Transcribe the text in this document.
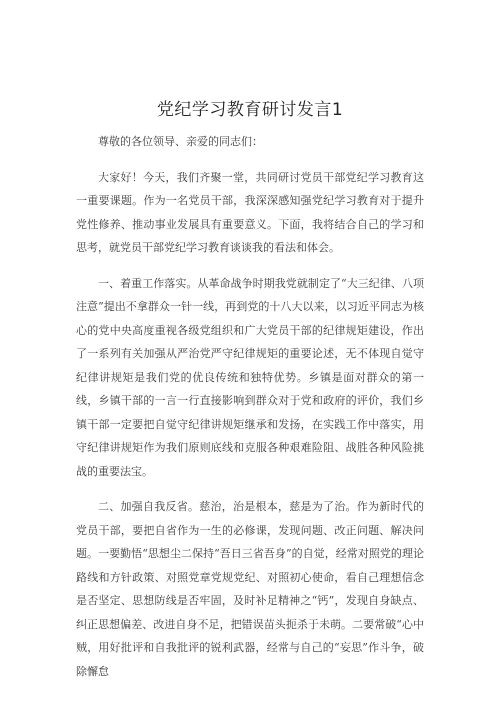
党纪学习教育研讨发言1

尊敬的各位领导、亲爱的同志们：

大家好！今天，我们齐聚一堂，共同研讨党员干部党纪学习教育这一重要课题。作为一名党员干部，我深深感知强党纪学习教育对于提升党性修养、推动事业发展具有重要意义。下面，我将结合自己的学习和思考，就党员干部党纪学习教育谈谈我的看法和体会。

一、着重工作落实。从革命战争时期我党就制定了“大三纪律、八项注意”提出不拿群众一针一线，再到党的十八大以来，以习近平同志为核心的党中央高度重视各级党组织和广大党员干部的纪律规矩建设，作出了一系列有关加强从严治党严守纪律规矩的重要论述，无不体现自觉守纪律讲规矩是我们党的优良传统和独特优势。乡镇是面对群众的第一线，乡镇干部的一言一行直接影响到群众对于党和政府的评价，我们乡镇干部一定要把自觉守纪律讲规矩继承和发扬，在实践工作中落实，用守纪律讲规矩作为我们原则底线和克服各种艰难险阻、战胜各种风险挑战的重要法宝。

二、加强自我反省。慈治，治是根本，慈是为了治。作为新时代的党员干部，要把自省作为一生的必修课，发现问题、改正问题、解决问题。一要勤悟“思想尘二保持“吾日三省吾身”的自觉，经常对照党的理论路线和方针政策、对照党章党规党纪、对照初心使命，看自己理想信念是否坚定、思想防线是否牢固，及时补足精神之“钙”，发现自身缺点、纠正思想偏差、改进自身不足，把错误苗头扼杀于未萌。二要常破“心中贼，用好批评和自我批评的锐利武器，经常与自己的“妄思”作斗争，破除懈怠
